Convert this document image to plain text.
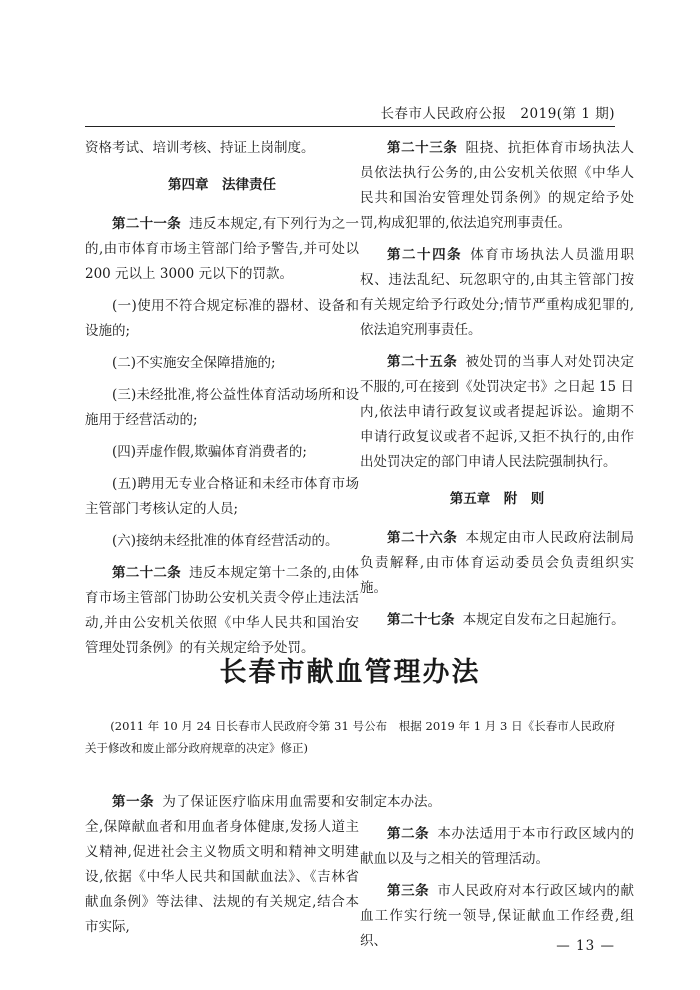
长春市人民政府公报　2019(第 1 期)

资格考试、培训考核、持证上岗制度。

第四章　法律责任

第二十一条 违反本规定,有下列行为之一的,由市体育市场主管部门给予警告,并可处以 200 元以上 3000 元以下的罚款。

(一)使用不符合规定标准的器材、设备和设施的;

(二)不实施安全保障措施的;

(三)未经批准,将公益性体育活动场所和设施用于经营活动的;

(四)弄虚作假,欺骗体育消费者的;

(五)聘用无专业合格证和未经市体育市场主管部门考核认定的人员;

(六)接纳未经批准的体育经营活动的。

第二十二条 违反本规定第十二条的,由体育市场主管部门协助公安机关责令停止违法活动,并由公安机关依照《中华人民共和国治安管理处罚条例》的有关规定给予处罚。

第二十三条 阻挠、抗拒体育市场执法人员依法执行公务的,由公安机关依照《中华人民共和国治安管理处罚条例》的规定给予处罚,构成犯罪的,依法追究刑事责任。

第二十四条 体育市场执法人员滥用职权、违法乱纪、玩忽职守的,由其主管部门按有关规定给予行政处分;情节严重构成犯罪的,依法追究刑事责任。

第二十五条 被处罚的当事人对处罚决定不服的,可在接到《处罚决定书》之日起 15 日内,依法申请行政复议或者提起诉讼。逾期不申请行政复议或者不起诉,又拒不执行的,由作出处罚决定的部门申请人民法院强制执行。

第五章　附　则

第二十六条 本规定由市人民政府法制局负责解释,由市体育运动委员会负责组织实施。

第二十七条 本规定自发布之日起施行。

长春市献血管理办法
(2011 年 10 月 24 日长春市人民政府令第 31 号公布　根据 2019 年 1 月 3 日《长春市人民政府关于修改和废止部分政府规章的决定》修正)

第一条 为了保证医疗临床用血需要和安全,保障献血者和用血者身体健康,发扬人道主义精神,促进社会主义物质文明和精神文明建设,依据《中华人民共和国献血法》、《吉林省献血条例》等法律、法规的有关规定,结合本市实际,

制定本办法。

第二条 本办法适用于本市行政区域内的献血以及与之相关的管理活动。

第三条 市人民政府对本行政区域内的献血工作实行统一领导,保证献血工作经费,组织、	— 13 —
